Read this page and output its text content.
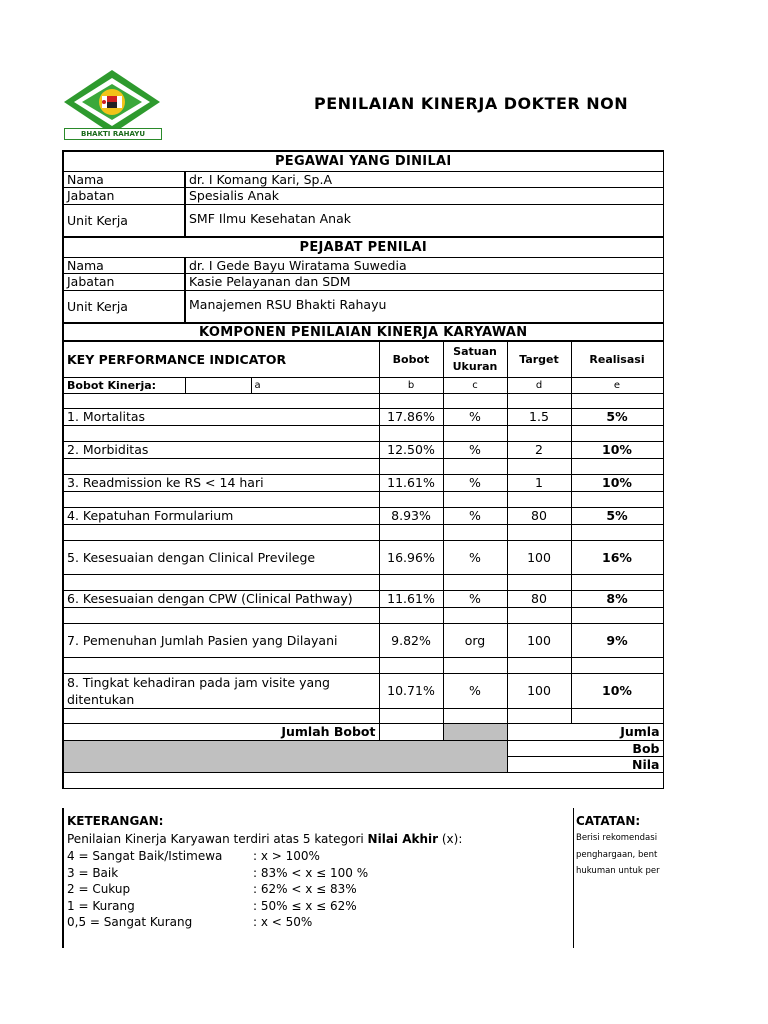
BHAKTI RAHAYU
PENILAIAN KINERJA DOKTER NON
PEGAWAI YANG DINILAI						
Nama	dr. I Komang Kari, Sp.A					
Jabatan	Spesialis Anak					
Unit Kerja	SMF Ilmu Kesehatan Anak					
PEJABAT PENILAI						
Nama	dr. I Gede Bayu Wiratama Suwedia					
Jabatan	Kasie Pelayanan dan SDM					
Unit Kerja	Manajemen RSU Bhakti Rahayu					
KOMPONEN PENILAIAN KINERJA KARYAWAN						
KEY PERFORMANCE INDICATOR			Bobot	Satuan Ukuran	Target	Realisasi
Bobot Kinerja:		a	b	c	d	e

1. Mortalitas			17.86%	%	1.5	5%

2. Morbiditas			12.50%	%	2	10%

3. Readmission ke RS < 14 hari			11.61%	%	1	10%

4. Kepatuhan Formularium			8.93%	%	80	5%

5. Kesesuaian dengan Clinical Previlege			16.96%	%	100	16%

6. Kesesuaian dengan CPW (Clinical Pathway)			11.61%	%	80	8%

7. Pemenuhan Jumlah Pasien yang Dilayani			9.82%	org	100	9%

8. Tingkat kehadiran pada jam visite yang
ditentukan			10.71%	%	100	10%

Jumlah Bobot					Jumla	
					Bob	
					Nila	

KETERANGAN:
Penilaian Kinerja Karyawan terdiri atas 5 kategori Nilai Akhir (x):
4 = Sangat Baik/Istimewa	: x > 100%
3 = Baik	: 83% < x ≤ 100 %
2 = Cukup	: 62% < x ≤ 83%
1 = Kurang	: 50% ≤ x ≤ 62%
0,5 = Sangat Kurang	: x < 50%
CATATAN:
Berisi rekomendasi
penghargaan, bent
hukuman untuk per
